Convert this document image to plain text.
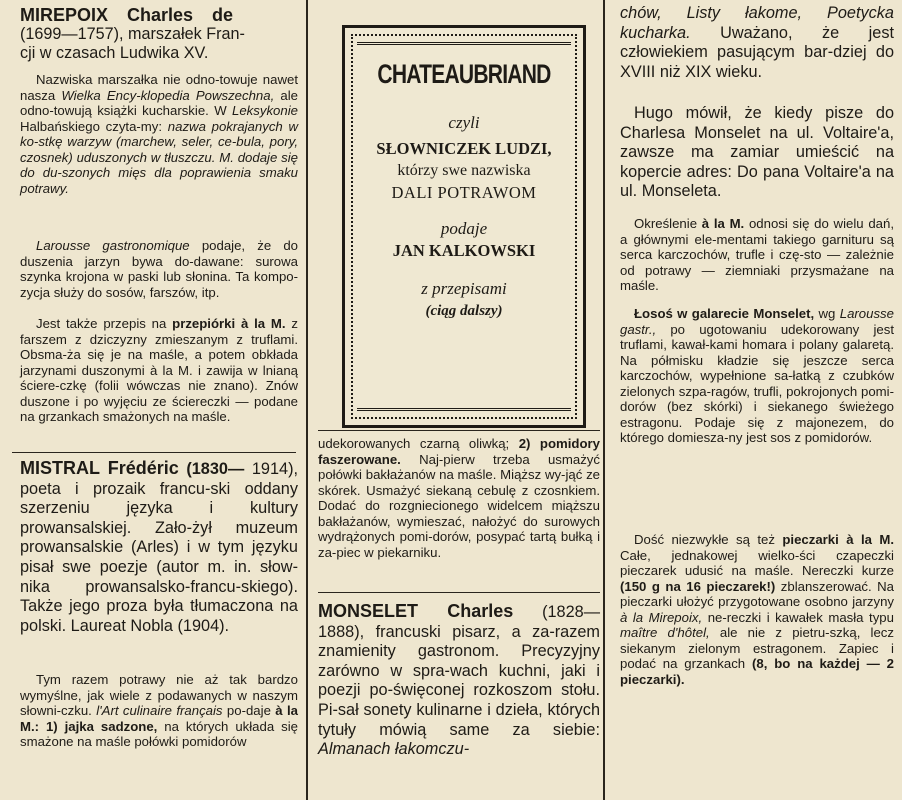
MIREPOIX Charles de
(1699—1757), marszałek Fran-
cji w czasach Ludwika XV.

Nazwiska marszałka nie odno-towuje nawet nasza Wielka Ency-klopedia Powszechna, ale odno-towują książki kucharskie. W Leksykonie Halbańskiego czyta-my: nazwa pokrajanych w ko-stkę warzyw (marchew, seler, ce-bula, pory, czosnek) uduszonych w tłuszczu. M. dodaje się do du-szonych mięs dla poprawienia smaku potrawy.

Larousse gastronomique podaje, że do duszenia jarzyn bywa do-dawane: surowa szynka krojona w paski lub słonina. Ta kompo-zycja służy do sosów, farszów, itp.

Jest także przepis na przepiórki à la M. z farszem z dziczyzny zmieszanym z truflami. Obsma-ża się je na maśle, a potem obkłada jarzynami duszonymi à la M. i zawija w lnianą ściere-czkę (folii wówczas nie znano). Znów duszone i po wyjęciu ze ściereczki — podane na grzankach smażonych na maśle.

MISTRAL Frédéric (1830— 1914), poeta i prozaik francu-ski oddany szerzeniu języka i kultury prowansalskiej. Zało-żył muzeum prowansalskie (Arles) i w tym języku pisał swe poezje (autor m. in. słow-nika prowansalsko-francu-skiego). Także jego proza była tłumaczona na polski. Laureat Nobla (1904).

Tym razem potrawy nie aż tak bardzo wymyślne, jak wiele z podawanych w naszym słowni-czku. l'Art culinaire français po-daje à la M.: 1) jajka sadzone, na których układa się smażone na maśle połówki pomidorów

CHATEAUBRIAND
czyli
SŁOWNICZEK LUDZI,
którzy swe nazwiska
DALI POTRAWOM
podaje
JAN KALKOWSKI
z przepisami
(ciąg dalszy)

udekorowanych czarną oliwką; 2) pomidory faszerowane. Naj-pierw trzeba usmażyć połówki bakłażanów na maśle. Miąższ wy-jąć ze skórek. Usmażyć siekaną cebulę z czosnkiem. Dodać do rozgniecionego widelcem miąższu bakłażanów, wymieszać, nałożyć do surowych wydrążonych pomi-dorów, posypać tartą bułką i za-piec w piekarniku.

MONSELET Charles (1828— 1888), francuski pisarz, a za-razem znamienity gastronom. Precyzyjny zarówno w spra-wach kuchni, jaki i poezji po-święconej rozkoszom stołu. Pi-sał sonety kulinarne i dzieła, których tytuły mówią same za siebie: Almanach łakomczu-

chów, Listy łakome, Poetycka kucharka. Uważano, że jest człowiekiem pasującym bar-dziej do XVIII niż XIX wieku.

Hugo mówił, że kiedy pisze do Charlesa Monselet na ul. Voltaire'a, zawsze ma zamiar umieścić na kopercie adres: Do pana Voltaire'a na ul. Monseleta.

Określenie à la M. odnosi się do wielu dań, a głównymi ele-mentami takiego garnituru są serca karczochów, trufle i czę-sto — zależnie od potrawy — ziemniaki przysmażane na maśle.

Łosoś w galarecie Monselet, wg Larousse gastr., po ugotowaniu udekorowany jest truflami, kawał-kami homara i polany galaretą. Na półmisku kładzie się jeszcze serca karczochów, wypełnione sa-łatką z czubków zielonych szpa-ragów, trufli, pokrojonych pomi-dorów (bez skórki) i siekanego świeżego estragonu. Podaje się z majonezem, do którego domiesza-ny jest sos z pomidorów.

Dość niezwykłe są też pieczarki à la M. Całe, jednakowej wielko-ści czapeczki pieczarek udusić na maśle. Nereczki kurze (150 g na 16 pieczarek!) zblanszerować. Na pieczarki ułożyć przygotowane osobno jarzyny à la Mirepoix, ne-reczki i kawałek masła typu maître d'hôtel, ale nie z pietru-szką, lecz siekanym zielonym estragonem. Zapiec i podać na grzankach (8, bo na każdej — 2 pieczarki).
